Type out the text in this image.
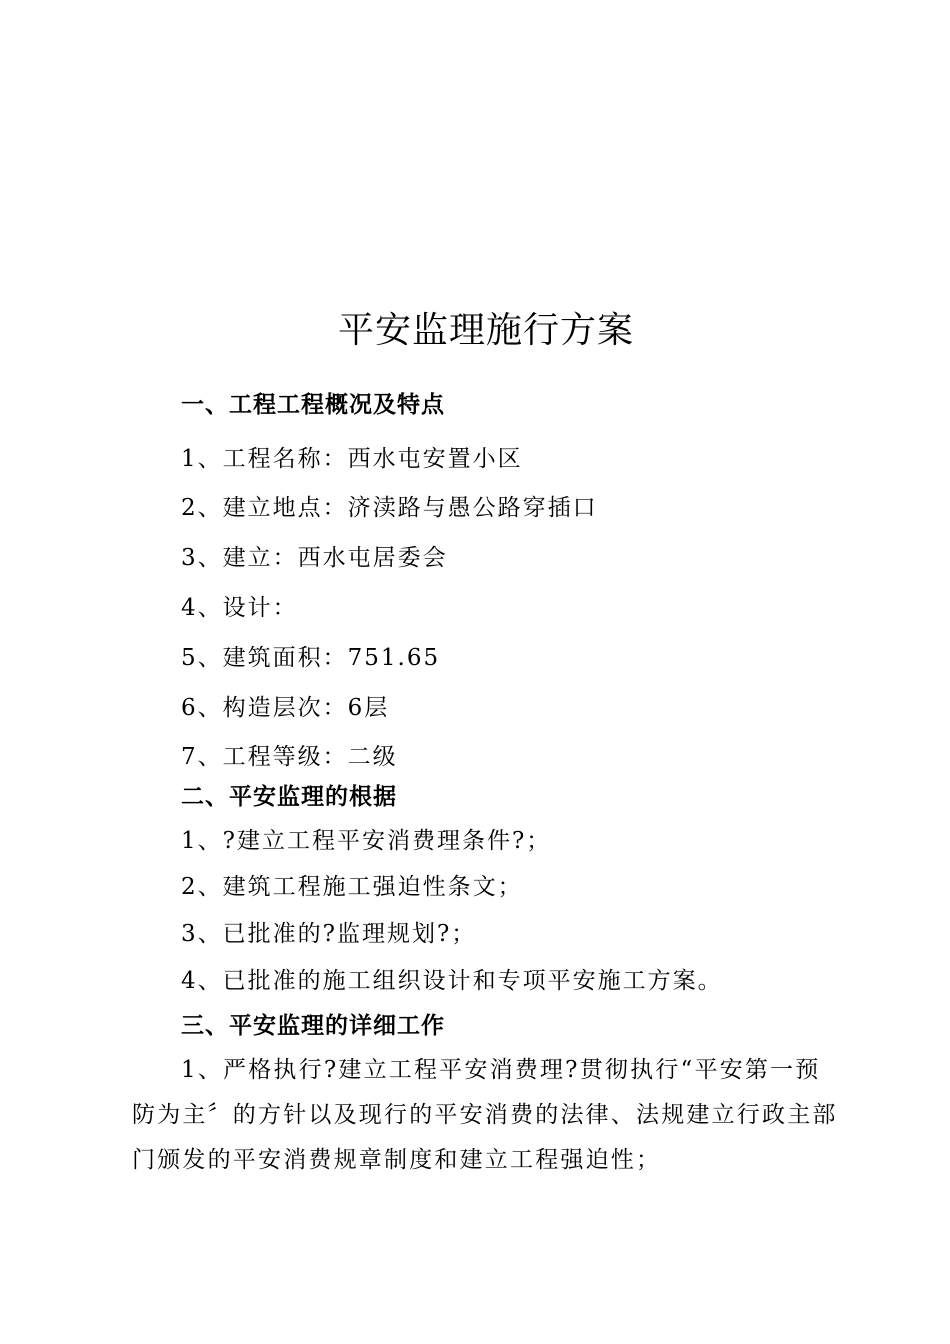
平安监理施行方案
一、工程工程概况及特点
1、工程名称：西水屯安置小区
2、建立地点：济渎路与愚公路穿插口
3、建立：西水屯居委会
4、设计：
5、建筑面积：751.65
6、构造层次：6层
7、工程等级：二级
二、平安监理的根据
1、?建立工程平安消费理条件?；
2、建筑工程施工强迫性条文；
3、已批准的?监理规划?；
4、已批准的施工组织设计和专项平安施工方案。
三、平安监理的详细工作
1、严格执行?建立工程平安消费理?贯彻执行“平安第一预
防为主〞的方针以及现行的平安消费的法律、法规建立行政主部
门颁发的平安消费规章制度和建立工程强迫性；
